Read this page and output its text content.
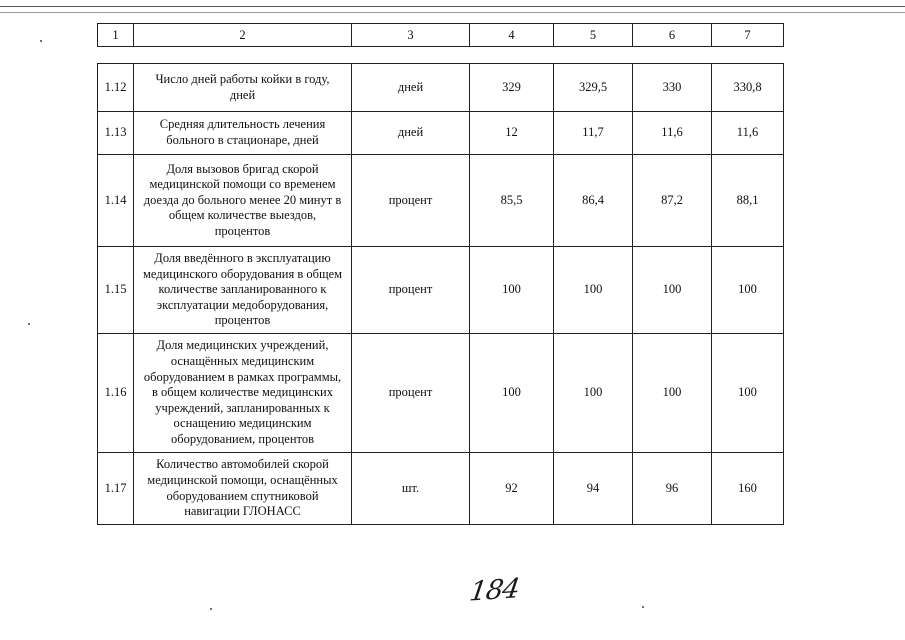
1	2	3	4	5	6	7
1.12	Число дней работы койки в году, дней	дней	329	329,5	330	330,8
1.13	Средняя длительность лечения больного в стационаре, дней	дней	12	11,7	11,6	11,6
1.14	Доля вызовов бригад скорой медицинской помощи со временем доезда до больного менее 20 минут в общем количестве выездов, процентов	процент	85,5	86,4	87,2	88,1
1.15	Доля введённого в эксплуатацию медицинского оборудования в общем количестве запланированного к эксплуатации медоборудования, процентов	процент	100	100	100	100
1.16	Доля медицинских учреждений, оснащённых медицинским оборудованием в рамках программы, в общем количестве медицинских учреждений, запланированных к оснащению медицинским оборудованием, процентов	процент	100	100	100	100
1.17	Количество автомобилей скорой медицинской помощи, оснащённых оборудованием спутниковой навигации ГЛОНАСС	шт.	92	94	96	160
184
